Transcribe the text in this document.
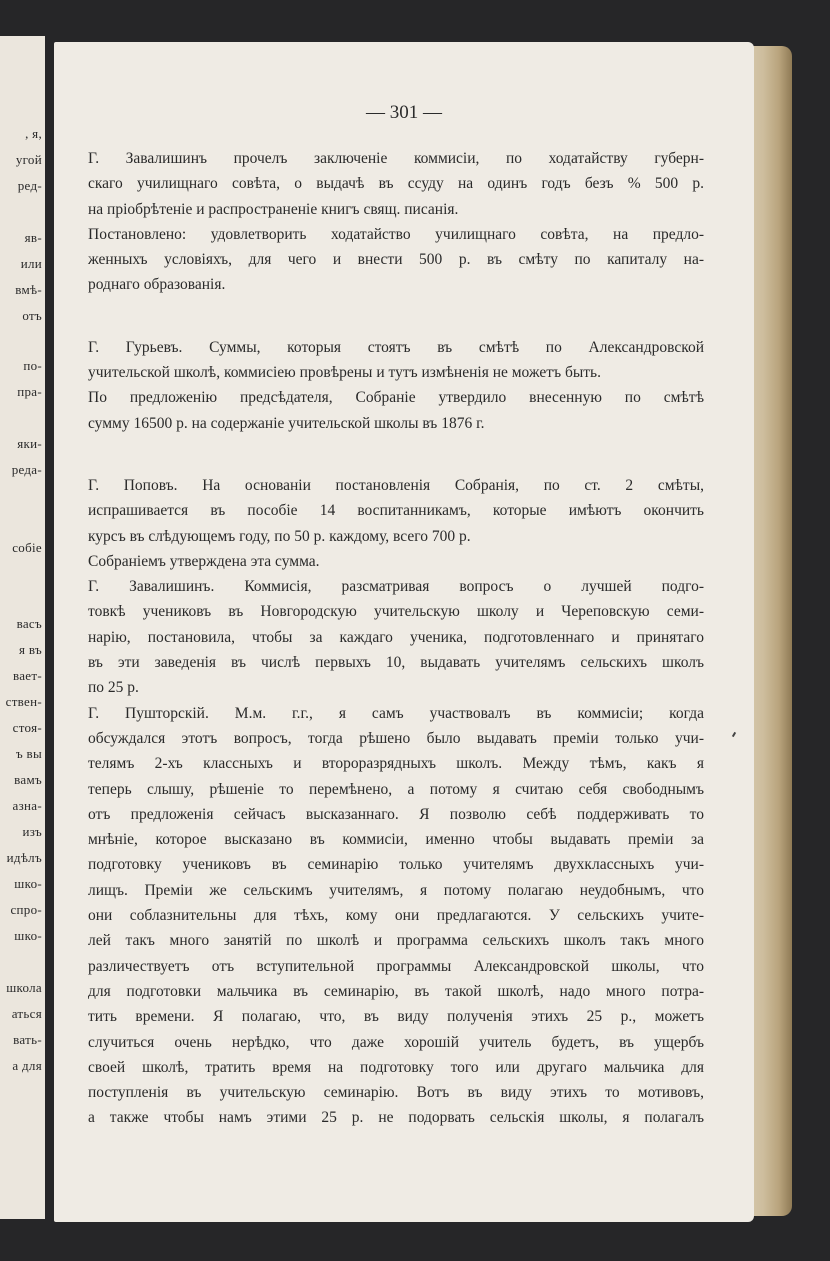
, я,
угой
ред-
яв-
или
вмѣ-
отъ
по-
пра-
яки-
реда-
собіе
васъ
я въ
вает-
ствен-
стоя-
ъ вы
вамъ
азна-
изъ
идѣлъ
шко-
спро-
шко-
школа
аться
вать-
а для
— 301 —
Г. Завалишинъ прочелъ заключеніе коммисіи, по ходатайству губерн-
скаго училищнаго совѣта, о выдачѣ въ ссуду на одинъ годъ безъ % 500 р.
на пріобрѣтеніе и распространеніе книгъ свящ. писанія.
Постановлено: удовлетворить ходатайство училищнаго совѣта, на предло-
женныхъ условіяхъ, для чего и внести 500 р. въ смѣту по капиталу на-
роднаго образованія.
Г. Гурьевъ. Суммы, которыя стоятъ въ смѣтѣ по Александровской
учительской школѣ, коммисіею провѣрены и тутъ измѣненія не можетъ быть.
По предложенію предсѣдателя, Собраніе утвердило внесенную по смѣтѣ
сумму 16500 р. на содержаніе учительской школы въ 1876 г.
Г. Поповъ. На основаніи постановленія Собранія, по ст. 2 смѣты,
испрашивается въ пособіе 14 воспитанникамъ, которые имѣютъ окончить
курсъ въ слѣдующемъ году, по 50 р. каждому, всего 700 р.
Собраніемъ утверждена эта сумма.
Г. Завалишинъ. Коммисія, разсматривая вопросъ о лучшей подго-
товкѣ учениковъ въ Новгородскую учительскую школу и Череповскую семи-
нарію, постановила, чтобы за каждаго ученика, подготовленнаго и принятаго
въ эти заведенія въ числѣ первыхъ 10, выдавать учителямъ сельскихъ школъ
по 25 р.
Г. Пушторскій. М.м. г.г., я самъ участвовалъ въ коммисіи; когда
обсуждался этотъ вопросъ, тогда рѣшено было выдавать преміи только учи-
телямъ 2-хъ классныхъ и второразрядныхъ школъ. Между тѣмъ, какъ я
теперь слышу, рѣшеніе то перемѣнено, а потому я считаю себя свободнымъ
отъ предложенія сейчасъ высказаннаго. Я позволю себѣ поддерживать то
мнѣніе, которое высказано въ коммисіи, именно чтобы выдавать преміи за
подготовку учениковъ въ семинарію только учителямъ двухклассныхъ учи-
лищъ. Преміи же сельскимъ учителямъ, я потому полагаю неудобнымъ, что
они соблазнительны для тѣхъ, кому они предлагаются. У сельскихъ учите-
лей такъ много занятій по школѣ и программа сельскихъ школъ такъ много
различествуетъ отъ вступительной программы Александровской школы, что
для подготовки мальчика въ семинарію, въ такой школѣ, надо много потра-
тить времени. Я полагаю, что, въ виду полученія этихъ 25 р., можетъ
случиться очень нерѣдко, что даже хорошій учитель будетъ, въ ущербъ
своей школѣ, тратить время на подготовку того или другаго мальчика для
поступленія въ учительскую семинарію. Вотъ въ виду этихъ то мотивовъ,
а также чтобы намъ этими 25 р. не подорвать сельскія школы, я полагалъ
